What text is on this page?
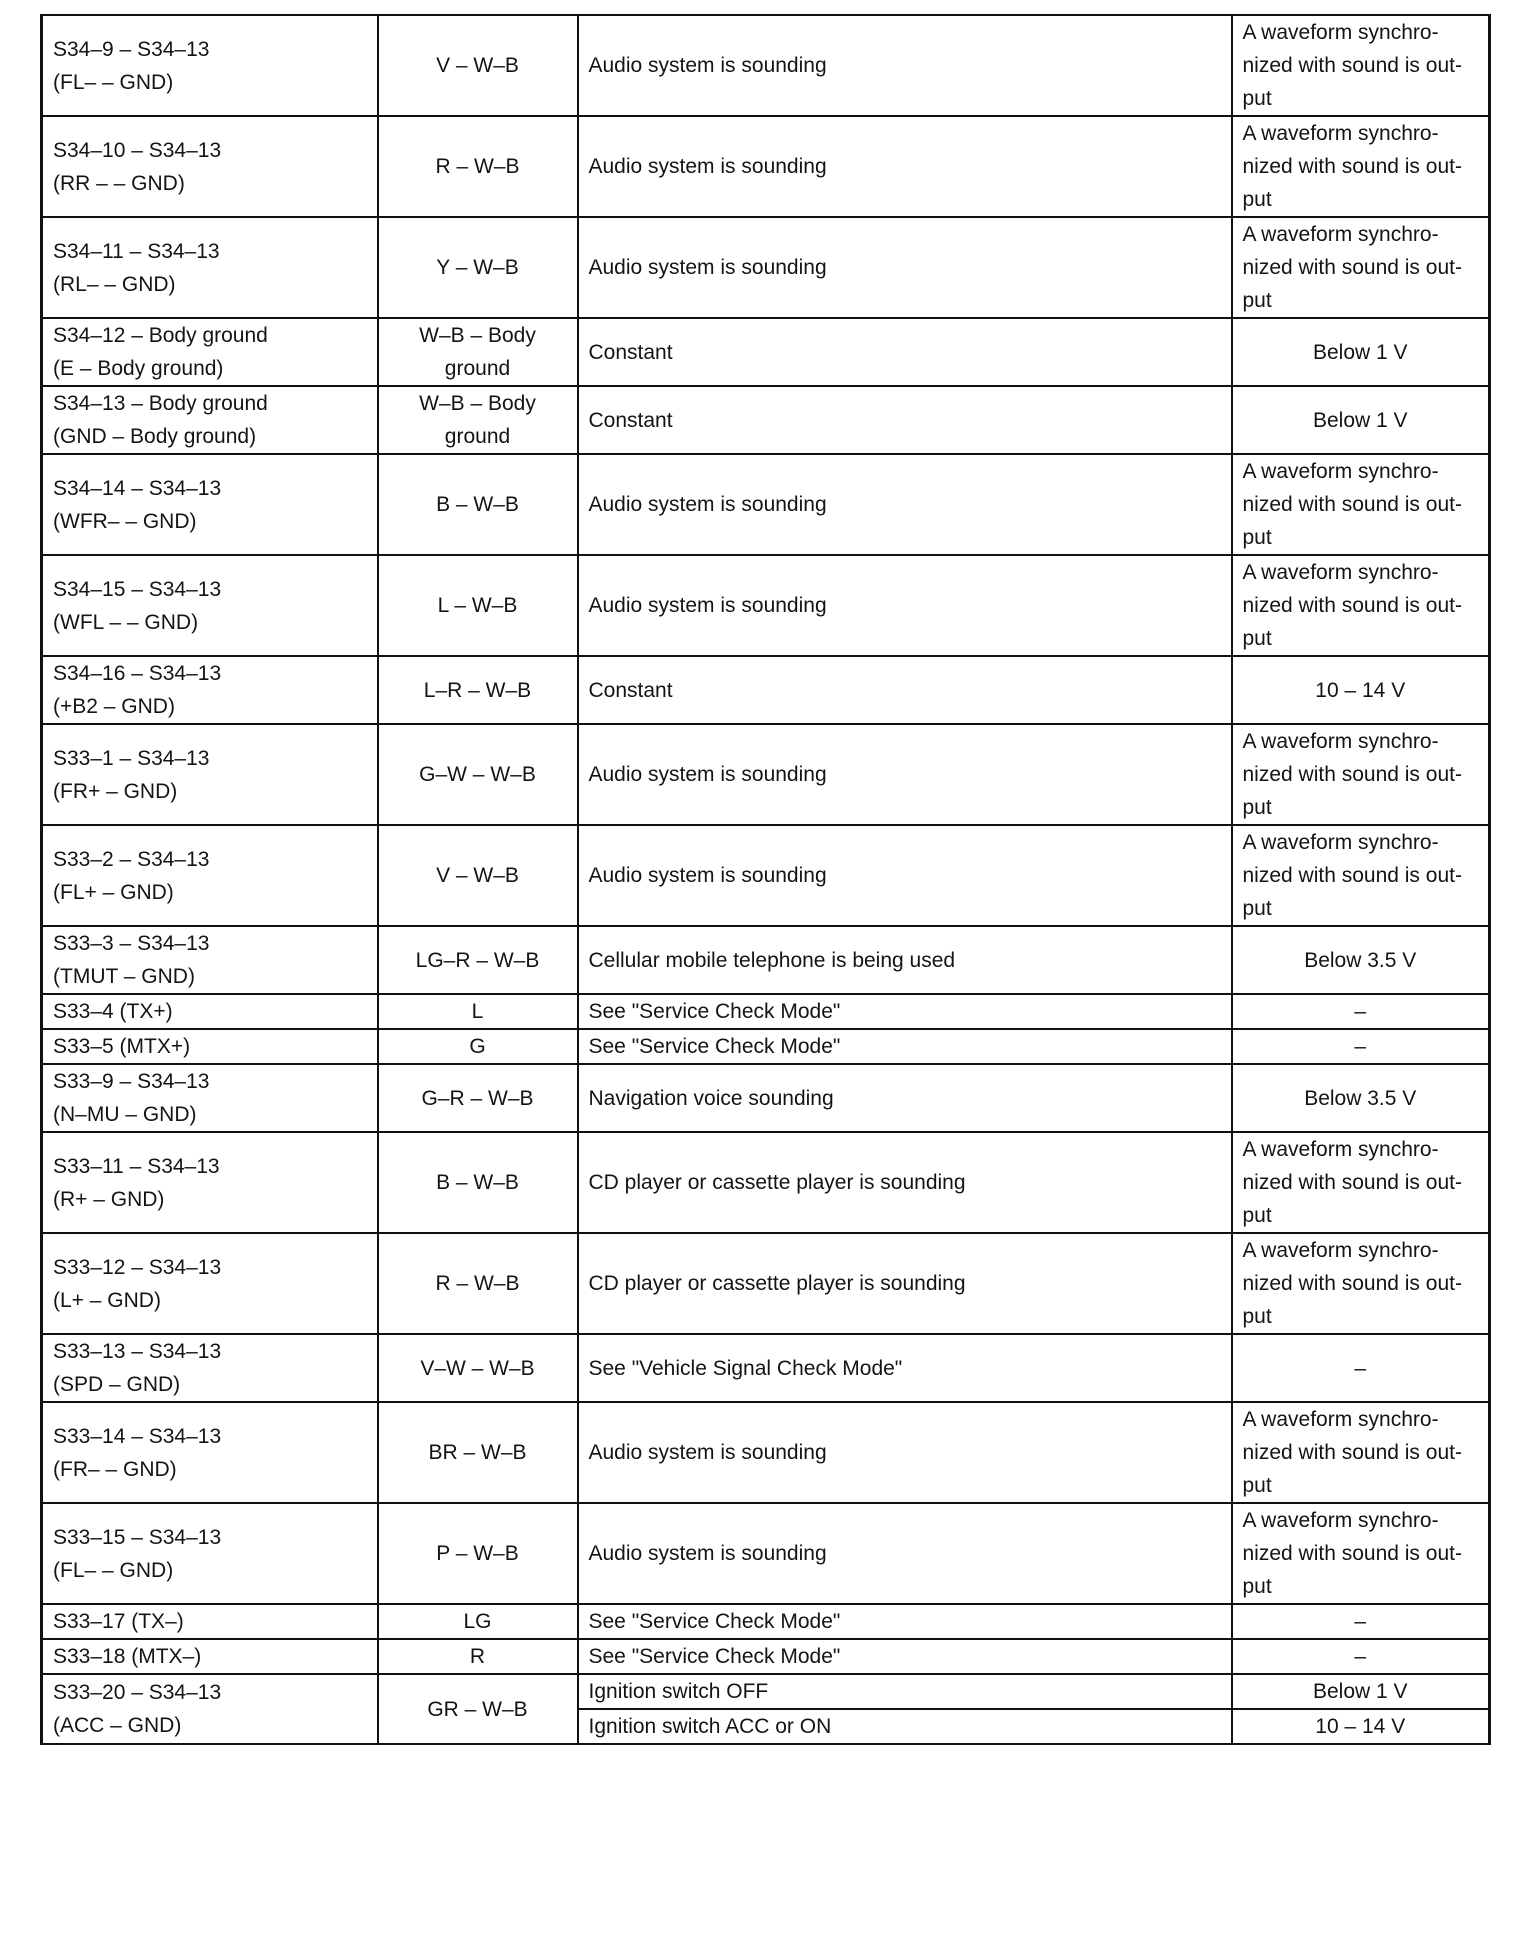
S34–9 – S34–13
(FL– – GND)	V – W–B	Audio system is sounding	A waveform synchro-nized with sound is out-put

S34–10 – S34–13
(RR – – GND)	R – W–B	Audio system is sounding	A waveform synchro-nized with sound is out-put

S34–11 – S34–13
(RL– – GND)	Y – W–B	Audio system is sounding	A waveform synchro-nized with sound is out-put

S34–12 – Body ground
(E – Body ground)	W–B – Body ground	Constant	Below 1 V

S34–13 – Body ground
(GND – Body ground)	W–B – Body ground	Constant	Below 1 V

S34–14 – S34–13
(WFR– – GND)	B – W–B	Audio system is sounding	A waveform synchro-nized with sound is out-put

S34–15 – S34–13
(WFL – – GND)	L – W–B	Audio system is sounding	A waveform synchro-nized with sound is out-put

S34–16 – S34–13
(+B2 – GND)	L–R – W–B	Constant	10 – 14 V

S33–1 – S34–13
(FR+ – GND)	G–W – W–B	Audio system is sounding	A waveform synchro-nized with sound is out-put

S33–2 – S34–13
(FL+ – GND)	V – W–B	Audio system is sounding	A waveform synchro-nized with sound is out-put

S33–3 – S34–13
(TMUT – GND)	LG–R – W–B	Cellular mobile telephone is being used	Below 3.5 V

S33–4 (TX+)	L	See "Service Check Mode"	–

S33–5 (MTX+)	G	See "Service Check Mode"	–

S33–9 – S34–13
(N–MU – GND)	G–R – W–B	Navigation voice sounding	Below 3.5 V

S33–11 – S34–13
(R+ – GND)	B – W–B	CD player or cassette player is sounding	A waveform synchro-nized with sound is out-put

S33–12 – S34–13
(L+ – GND)	R – W–B	CD player or cassette player is sounding	A waveform synchro-nized with sound is out-put

S33–13 – S34–13
(SPD – GND)	V–W – W–B	See "Vehicle Signal Check Mode"	–

S33–14 – S34–13
(FR– – GND)	BR – W–B	Audio system is sounding	A waveform synchro-nized with sound is out-put

S33–15 – S34–13
(FL– – GND)	P – W–B	Audio system is sounding	A waveform synchro-nized with sound is out-put

S33–17 (TX–)	LG	See "Service Check Mode"	–

S33–18 (MTX–)	R	See "Service Check Mode"	–

S33–20 – S34–13
(ACC – GND)	GR – W–B	Ignition switch OFF	Below 1 V
		Ignition switch ACC or ON	10 – 14 V
